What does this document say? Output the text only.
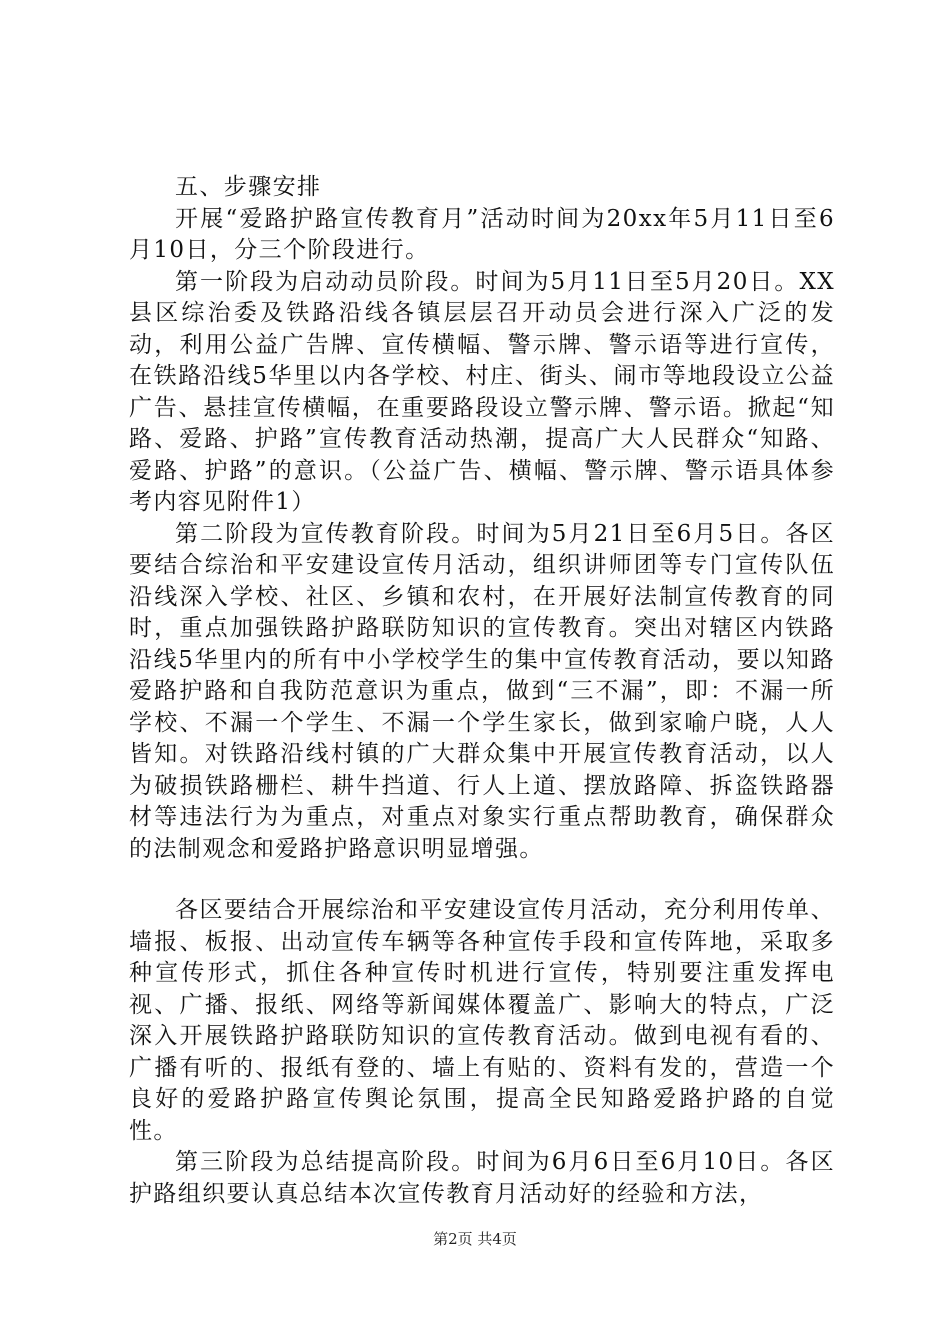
五、步骤安排

开展“爱路护路宣传教育月”活动时间为20xx年5月11日至6月10日，分三个阶段进行。

第一阶段为启动动员阶段。时间为5月11日至5月20日。XX县区综治委及铁路沿线各镇层层召开动员会进行深入广泛的发动，利用公益广告牌、宣传横幅、警示牌、警示语等进行宣传，在铁路沿线5华里以内各学校、村庄、街头、闹市等地段设立公益广告、悬挂宣传横幅，在重要路段设立警示牌、警示语。掀起“知路、爱路、护路”宣传教育活动热潮，提高广大人民群众“知路、爱路、护路”的意识。（公益广告、横幅、警示牌、警示语具体参考内容见附件1）

第二阶段为宣传教育阶段。时间为5月21日至6月5日。各区要结合综治和平安建设宣传月活动，组织讲师团等专门宣传队伍沿线深入学校、社区、乡镇和农村，在开展好法制宣传教育的同时，重点加强铁路护路联防知识的宣传教育。突出对辖区内铁路沿线5华里内的所有中小学校学生的集中宣传教育活动，要以知路爱路护路和自我防范意识为重点，做到“三不漏”，即：不漏一所学校、不漏一个学生、不漏一个学生家长，做到家喻户晓，人人皆知。对铁路沿线村镇的广大群众集中开展宣传教育活动，以人为破损铁路栅栏、耕牛挡道、行人上道、摆放路障、拆盗铁路器材等违法行为为重点，对重点对象实行重点帮助教育，确保群众的法制观念和爱路护路意识明显增强。

各区要结合开展综治和平安建设宣传月活动，充分利用传单、墙报、板报、出动宣传车辆等各种宣传手段和宣传阵地，采取多种宣传形式，抓住各种宣传时机进行宣传，特别要注重发挥电视、广播、报纸、网络等新闻媒体覆盖广、影响大的特点，广泛深入开展铁路护路联防知识的宣传教育活动。做到电视有看的、广播有听的、报纸有登的、墙上有贴的、资料有发的，营造一个良好的爱路护路宣传舆论氛围，提高全民知路爱路护路的自觉性。

第三阶段为总结提高阶段。时间为6月6日至6月10日。各区护路组织要认真总结本次宣传教育月活动好的经验和方法，

第2页 共4页
